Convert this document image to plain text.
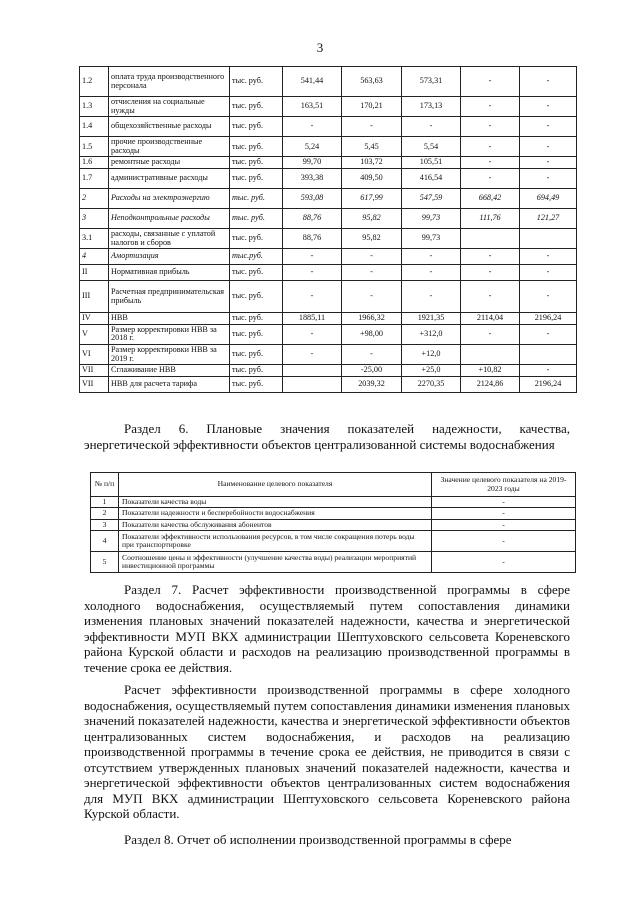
3
1.2	оплата труда производственного персонала	тыс. руб.	541,44	563,63	573,31	-	-
1.3	отчисления на социальные нужды	тыс. руб.	163,51	170,21	173,13	-	-
1.4	общехозяйственные расходы	тыс. руб.	-	-	-	-	-
1.5	прочие производственные расходы	тыс. руб.	5,24	5,45	5,54	-	-
1.6	ремонтные расходы	тыс. руб.	99,70	103,72	105,51	-	-
1.7	административные расходы	тыс. руб.	393,38	409,50	416,54	-	-
2	Расходы на электроэнергию	тыс. руб.	593,08	617,99	547,59	668,42	694,49
3	Неподконтрольные расходы	тыс. руб.	88,76	95,82	99,73	111,76	121,27
3.1	расходы, связанные с уплатой налогов и сборов	тыс. руб.	88,76	95,82	99,73		
4	Амортизация	тыс.руб.	-	-	-	-	-
II	Нормативная прибыль	тыс. руб.	-	-	-	-	-
III	Расчетная предпринимательская прибыль	тыс. руб.	-	-	-	-	-
IV	НВВ	тыс. руб.	1885,11	1966,32	1921,35	2114,04	2196,24
V	Размер корректировки НВВ за 2018 г.	тыс. руб.	-	+98,00	+312,0	-	-
VI	Размер корректировки НВВ за 2019 г.	тыс. руб.	-	-	+12,0		
VII	Сглаживание НВВ	тыс. руб.		-25,00	+25,0	+10,82	-
VII	НВВ для расчета тарифа	тыс. руб.		2039,32	2270,35	2124,86	2196,24
Раздел 6. Плановые значения показателей надежности, качества, энергетической эффективности объектов централизованной системы водоснабжения
№ п/п	Наименование целевого показателя	Значение целевого показателя на 2019-2023 годы
1	Показатели качества воды	-
2	Показатели надежности и бесперебойности водоснабжения	-
3	Показатели качества обслуживания абонентов	-
4	Показатели эффективности использования ресурсов, в том числе сокращения потерь воды при транспортировке	-
5	Соотношение цены и эффективности (улучшение качества воды) реализации мероприятий инвестиционной программы	-
Раздел 7. Расчет эффективности производственной программы в сфере холодного водоснабжения, осуществляемый путем сопоставления динамики изменения плановых значений показателей надежности, качества и энергетической эффективности МУП ВКХ администрации Шептуховского сельсовета Кореневского района Курской области и расходов на реализацию производственной программы в течение срока ее действия.
Расчет эффективности производственной программы в сфере холодного водоснабжения, осуществляемый путем сопоставления динамики изменения плановых значений показателей надежности, качества и энергетической эффективности объектов централизованных систем водоснабжения, и расходов на реализацию производственной программы в течение срока ее действия, не приводится в связи с отсутствием утвержденных плановых значений показателей надежности, качества и энергетической эффективности объектов централизованных систем водоснабжения для МУП ВКХ администрации Шептуховского сельсовета Кореневского района Курской области.
Раздел 8. Отчет об исполнении производственной программы в сфере
